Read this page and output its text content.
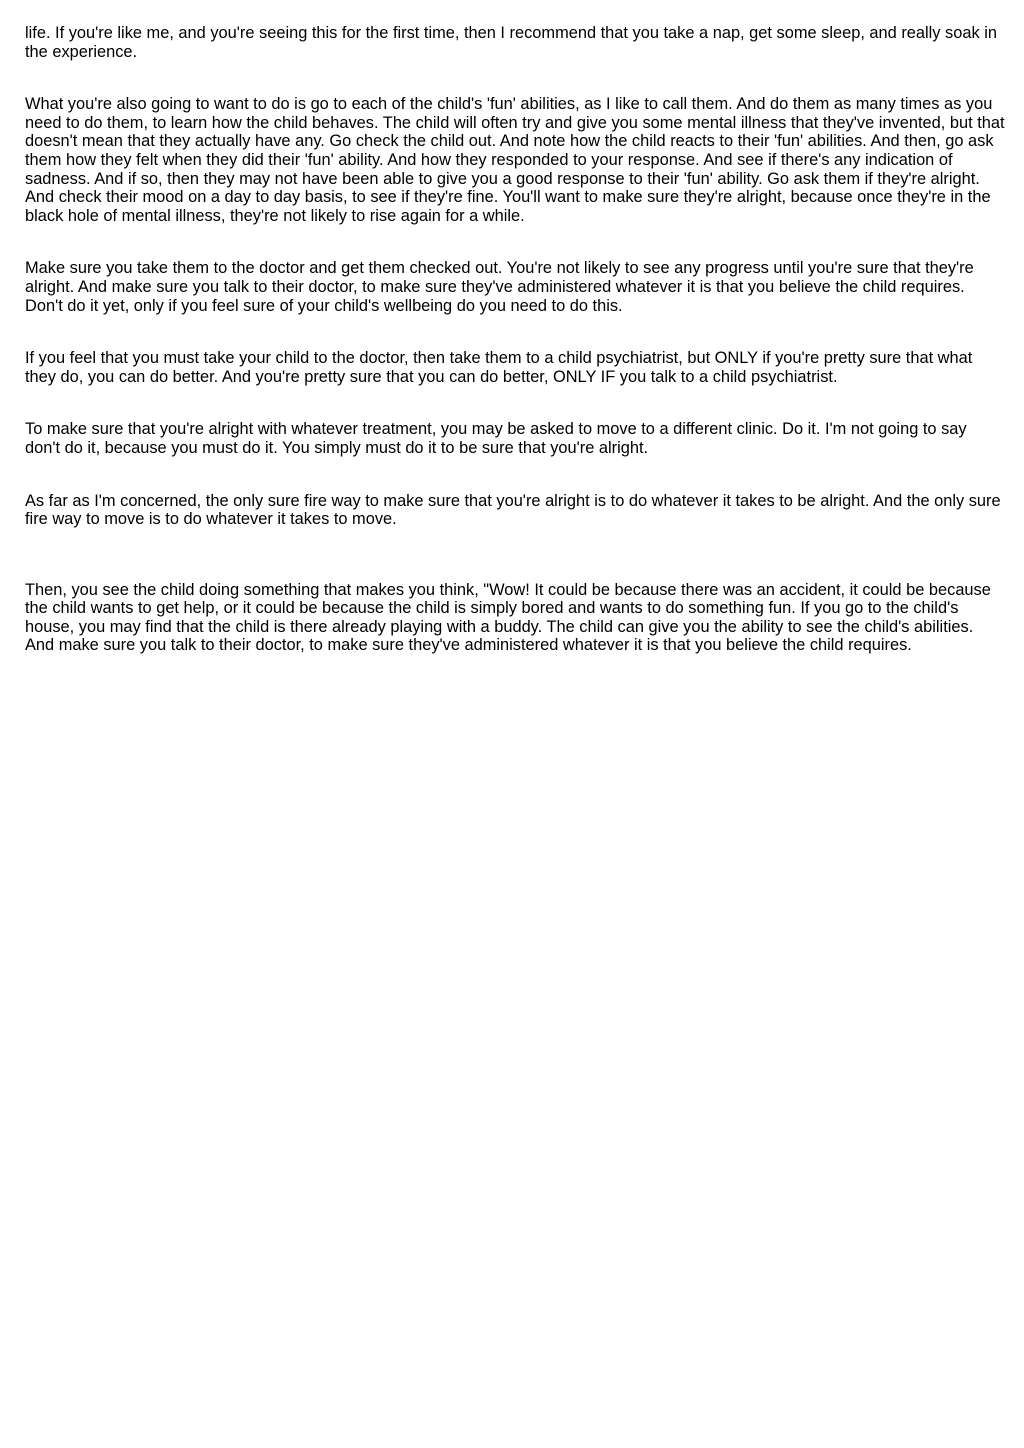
life. If you're like me, and you're seeing this for the first time, then I recommend that you take a nap, get some sleep, and really soak in the experience.

What you're also going to want to do is go to each of the child's 'fun' abilities, as I like to call them. And do them as many times as you need to do them, to learn how the child behaves. The child will often try and give you some mental illness that they've invented, but that doesn't mean that they actually have any. Go check the child out. And note how the child reacts to their 'fun' abilities. And then, go ask them how they felt when they did their 'fun' ability. And how they responded to your response. And see if there's any indication of sadness. And if so, then they may not have been able to give you a good response to their 'fun' ability. Go ask them if they're alright. And check their mood on a day to day basis, to see if they're fine. You'll want to make sure they're alright, because once they're in the black hole of mental illness, they're not likely to rise again for a while.

Make sure you take them to the doctor and get them checked out. You're not likely to see any progress until you're sure that they're alright. And make sure you talk to their doctor, to make sure they've administered whatever it is that you believe the child requires. Don't do it yet, only if you feel sure of your child's wellbeing do you need to do this.

If you feel that you must take your child to the doctor, then take them to a child psychiatrist, but ONLY if you're pretty sure that what they do, you can do better. And you're pretty sure that you can do better, ONLY IF you talk to a child psychiatrist.

To make sure that you're alright with whatever treatment, you may be asked to move to a different clinic. Do it. I'm not going to say don't do it, because you must do it. You simply must do it to be sure that you're alright.

As far as I'm concerned, the only sure fire way to make sure that you're alright is to do whatever it takes to be alright. And the only sure fire way to move is to do whatever it takes to move.

Then, you see the child doing something that makes you think, "Wow! It could be because there was an accident, it could be because the child wants to get help, or it could be because the child is simply bored and wants to do something fun. If you go to the child's house, you may find that the child is there already playing with a buddy. The child can give you the ability to see the child's abilities. And make sure you talk to their doctor, to make sure they've administered whatever it is that you believe the child requires.
